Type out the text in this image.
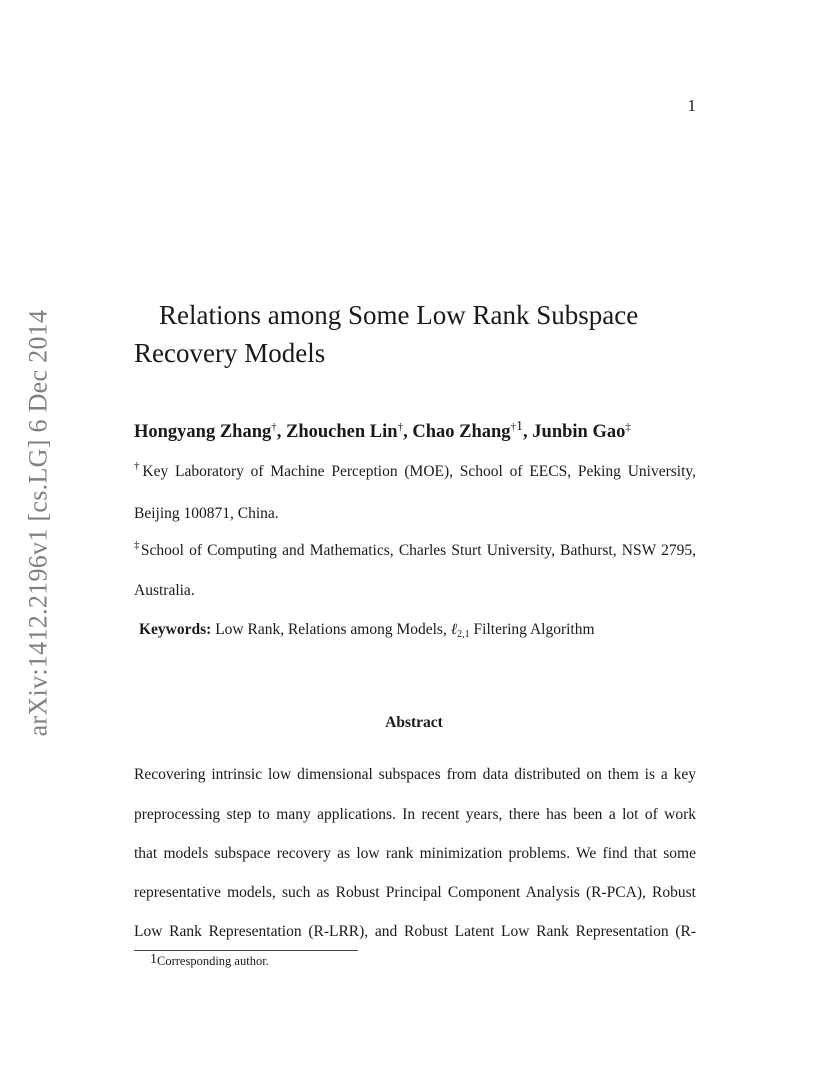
1
arXiv:1412.2196v1 [cs.LG] 6 Dec 2014	Relations among Some Low Rank Subspace Recovery Models
Hongyang Zhang†, Zhouchen Lin†, Chao Zhang$^{\dagger 1}$, Junbin Gao‡
†Key Laboratory of Machine Perception (MOE), School of EECS, Peking University,
Beijing 100871, China.
‡School of Computing and Mathematics, Charles Sturt University, Bathurst, NSW 2795,
Australia.
Keywords: Low Rank, Relations among Models, ℓ$_{2,1}$ Filtering Algorithm
Abstract
Recovering intrinsic low dimensional subspaces from data distributed on them is a key
preprocessing step to many applications. In recent years, there has been a lot of work
that models subspace recovery as low rank minimization problems. We find that some
representative models, such as Robust Principal Component Analysis (R-PCA), Robust
Low Rank Representation (R-LRR), and Robust Latent Low Rank Representation (R-
$^1$Corresponding author.
